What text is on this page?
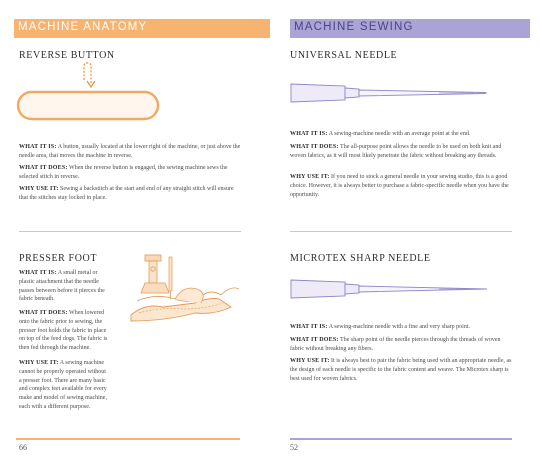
MACHINE ANATOMY
REVERSE BUTTON

WHAT IT IS: A button, usually located at the lower right of the machine, or just above the needle area, that moves the machine in reverse.

WHAT IT DOES: When the reverse button is engaged, the sewing machine sews the selected stitch in reverse.

WHY USE IT: Sewing a backstitch at the start and end of any straight stitch will ensure that the stitches stay locked in place.

PRESSER FOOT

WHAT IT IS: A small metal or plastic attachment that the needle passes between before it pierces the fabric beneath.

WHAT IT DOES: When lowered onto the fabric prior to sewing, the presser foot holds the fabric in place on top of the feed dogs. The fabric is then fed through the machine.

WHY USE IT: A sewing machine cannot be properly operated without a presser foot. There are many basic and complex feet available for every make and model of sewing machine, each with a different purpose.

66
MACHINE SEWING
UNIVERSAL NEEDLE

WHAT IT IS: A sewing-machine needle with an average point at the end.

WHAT IT DOES: The all-purpose point allows the needle to be used on both knit and woven fabrics, as it will most likely penetrate the fabric without breaking any threads.

WHY USE IT: If you need to stock a general needle in your sewing studio, this is a good choice. However, it is always better to purchase a fabric-specific needle when you have the opportunity.

MICROTEX SHARP NEEDLE

WHAT IT IS: A sewing-machine needle with a fine and very sharp point.

WHAT IT DOES: The sharp point of the needle pierces through the threads of woven fabric without breaking any fibers.

WHY USE IT: It is always best to pair the fabric being used with an appropriate needle, as the design of each needle is specific to the fabric content and weave. The Microtex sharp is best used for woven fabrics.

52
